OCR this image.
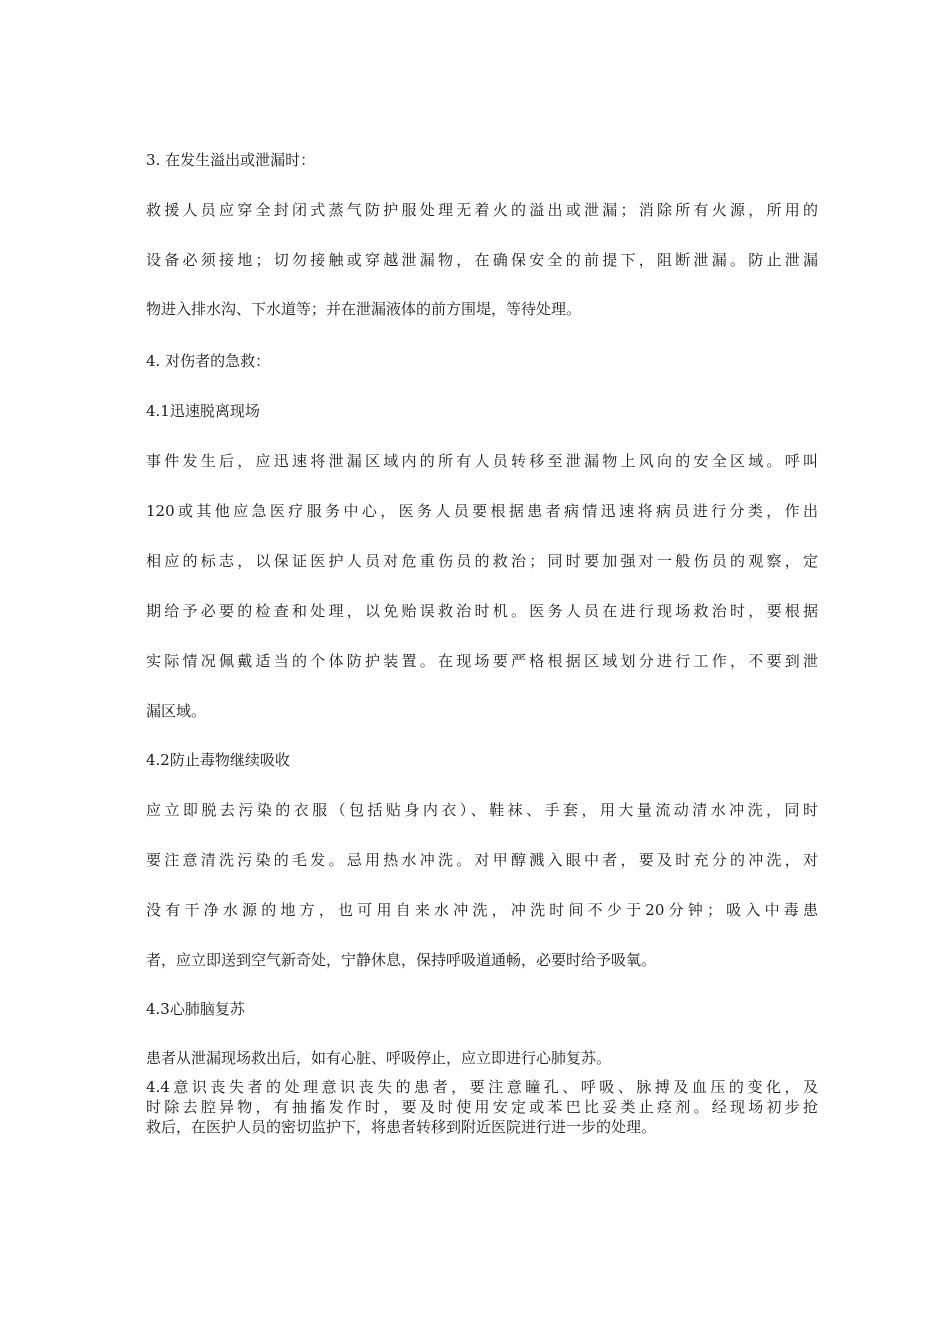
3. 在发生溢出或泄漏时：
救援人员应穿全封闭式蒸气防护服处理无着火的溢出或泄漏；消除所有火源，所用的
设备必须接地；切勿接触或穿越泄漏物，在确保安全的前提下，阻断泄漏。防止泄漏
物进入排水沟、下水道等；并在泄漏液体的前方围堤，等待处理。
4. 对伤者的急救：
4.1迅速脱离现场
事件发生后，应迅速将泄漏区域内的所有人员转移至泄漏物上风向的安全区域。呼叫
120或其他应急医疗服务中心，医务人员要根据患者病情迅速将病员进行分类，作出
相应的标志，以保证医护人员对危重伤员的救治；同时要加强对一般伤员的观察，定
期给予必要的检查和处理，以免贻误救治时机。医务人员在进行现场救治时，要根据
实际情况佩戴适当的个体防护装置。在现场要严格根据区域划分进行工作，不要到泄
漏区域。
4.2防止毒物继续吸收
应立即脱去污染的衣服（包括贴身内衣）、鞋袜、手套，用大量流动清水冲洗，同时
要注意清洗污染的毛发。忌用热水冲洗。对甲醇溅入眼中者，要及时充分的冲洗，对
没有干净水源的地方，也可用自来水冲洗，冲洗时间不少于20分钟；吸入中毒患
者，应立即送到空气新奇处，宁静休息，保持呼吸道通畅，必要时给予吸氧。
4.3心肺脑复苏
患者从泄漏现场救出后，如有心脏、呼吸停止，应立即进行心肺复苏。
4.4意识丧失者的处理意识丧失的患者，要注意瞳孔、呼吸、脉搏及血压的变化，及
时除去腔异物，有抽搐发作时，要及时使用安定或苯巴比妥类止痉剂。经现场初步抢
救后，在医护人员的密切监护下，将患者转移到附近医院进行进一步的处理。
